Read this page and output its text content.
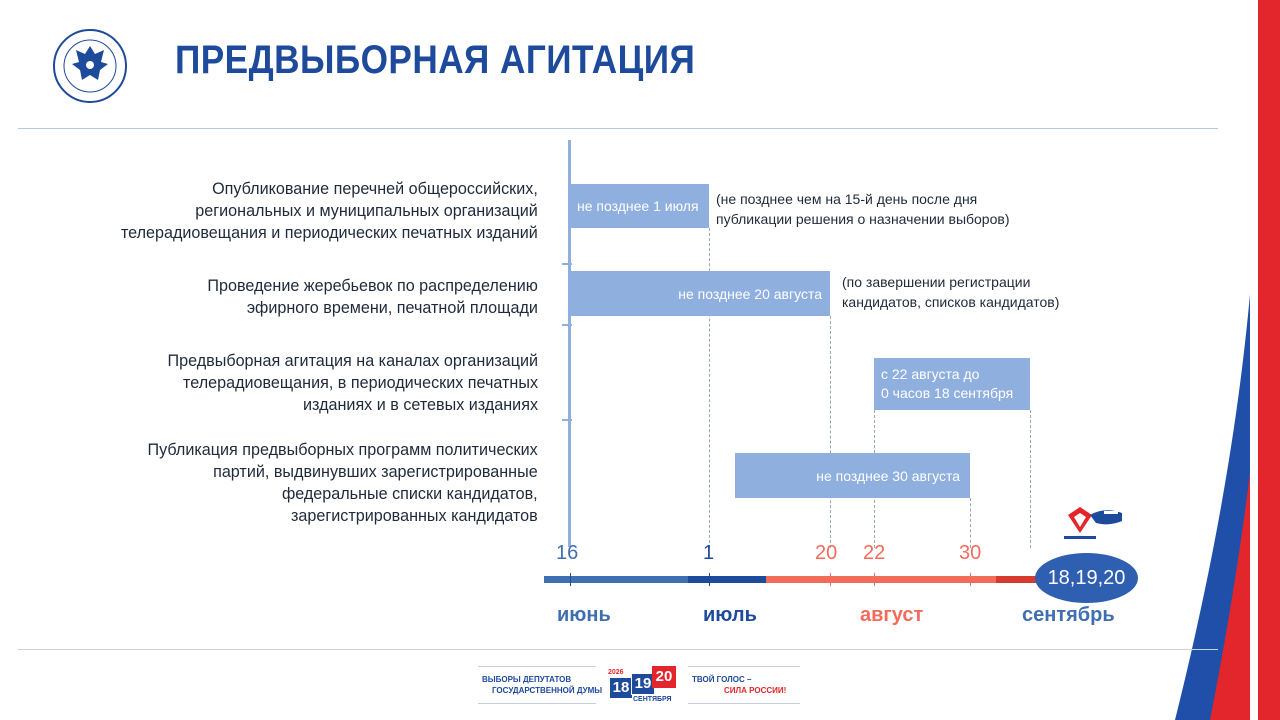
ПРЕДВЫБОРНАЯ АГИТАЦИЯ
Опубликование перечней общероссийских,
региональных и муниципальных организаций
телерадиовещания и периодических печатных изданий
Проведение жеребьевок по распределению
эфирного времени, печатной площади
Предвыборная агитация на каналах организаций
телерадиовещания, в периодических печатных
изданиях и в сетевых изданиях
Публикация предвыборных программ политических
партий, выдвинувших зарегистрированные
федеральные списки кандидатов,
зарегистрированных кандидатов
не позднее 1 июля (не позднее чем на 15-й день после дня
публикации решения о назначении выборов)
не позднее 20 августа
(по завершении регистрации
кандидатов, списков кандидатов)
с 22 августа до
0 часов 18 сентября
не позднее 30 августа
16	1	20 22	30
18,19,20
июнь	июль	август	сентябрь
ВЫБОРЫ ДЕПУТАТОВ
ГОСУДАРСТВЕННОЙ ДУМЫ
2026
18 19 20
СЕНТЯБРЯ
ТВОЙ ГОЛОС –
СИЛА РОССИИ!
